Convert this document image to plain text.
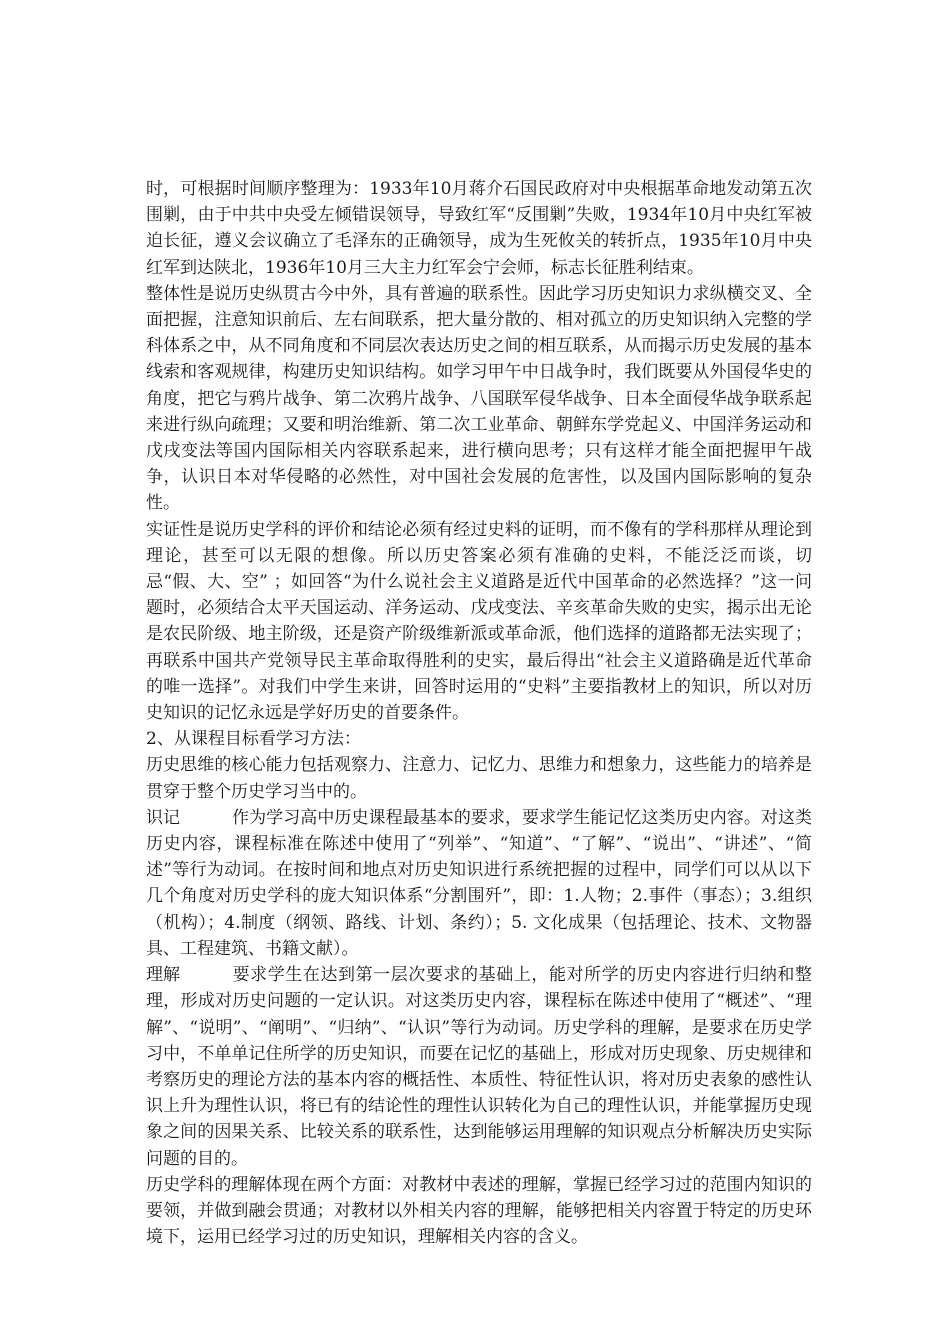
时，可根据时间顺序整理为：1933年10月蒋介石国民政府对中央根据革命地发动第五次围剿，由于中共中央受左倾错误领导，导致红军“反围剿”失败，1934年10月中央红军被迫长征，遵义会议确立了毛泽东的正确领导，成为生死攸关的转折点，1935年10月中央红军到达陕北，1936年10月三大主力红军会宁会师，标志长征胜利结束。

整体性是说历史纵贯古今中外，具有普遍的联系性。因此学习历史知识力求纵横交叉、全面把握，注意知识前后、左右间联系，把大量分散的、相对孤立的历史知识纳入完整的学科体系之中，从不同角度和不同层次表达历史之间的相互联系，从而揭示历史发展的基本线索和客观规律，构建历史知识结构。如学习甲午中日战争时，我们既要从外国侵华史的角度，把它与鸦片战争、第二次鸦片战争、八国联军侵华战争、日本全面侵华战争联系起来进行纵向疏理；又要和明治维新、第二次工业革命、朝鲜东学党起义、中国洋务运动和戊戌变法等国内国际相关内容联系起来，进行横向思考；只有这样才能全面把握甲午战争，认识日本对华侵略的必然性，对中国社会发展的危害性，以及国内国际影响的复杂性。

实证性是说历史学科的评价和结论必须有经过史料的证明，而不像有的学科那样从理论到理论，甚至可以无限的想像。所以历史答案必须有准确的史料，不能泛泛而谈，切忌“假、大、空” ；如回答“为什么说社会主义道路是近代中国革命的必然选择？”这一问题时，必须结合太平天国运动、洋务运动、戊戌变法、辛亥革命失败的史实，揭示出无论是农民阶级、地主阶级，还是资产阶级维新派或革命派，他们选择的道路都无法实现了；再联系中国共产党领导民主革命取得胜利的史实，最后得出“社会主义道路确是近代革命的唯一选择”。对我们中学生来讲，回答时运用的“史料”主要指教材上的知识，所以对历史知识的记忆永远是学好历史的首要条件。

2、从课程目标看学习方法：

历史思维的核心能力包括观察力、注意力、记忆力、思维力和想象力，这些能力的培养是贯穿于整个历史学习当中的。

识记	作为学习高中历史课程最基本的要求，要求学生能记忆这类历史内容。对这类历史内容，课程标准在陈述中使用了“列举”、“知道”、“了解”、“说出”、“讲述”、“简述”等行为动词。在按时间和地点对历史知识进行系统把握的过程中，同学们可以从以下几个角度对历史学科的庞大知识体系“分割围歼”，即：1.人物；2.事件（事态）；3.组织（机构）；4.制度（纲领、路线、计划、条约）；5. 文化成果（包括理论、技术、文物器具、工程建筑、书籍文献）。

理解	要求学生在达到第一层次要求的基础上，能对所学的历史内容进行归纳和整理，形成对历史问题的一定认识。对这类历史内容，课程标在陈述中使用了“概述”、“理解”、“说明”、“阐明”、“归纳”、“认识”等行为动词。历史学科的理解，是要求在历史学习中，不单单记住所学的历史知识，而要在记忆的基础上，形成对历史现象、历史规律和考察历史的理论方法的基本内容的概括性、本质性、特征性认识，将对历史表象的感性认识上升为理性认识，将已有的结论性的理性认识转化为自己的理性认识，并能掌握历史现象之间的因果关系、比较关系的联系性，达到能够运用理解的知识观点分析解决历史实际问题的目的。

历史学科的理解体现在两个方面：对教材中表述的理解，掌握已经学习过的范围内知识的要领，并做到融会贯通；对教材以外相关内容的理解，能够把相关内容置于特定的历史环境下，运用已经学习过的历史知识，理解相关内容的含义。
